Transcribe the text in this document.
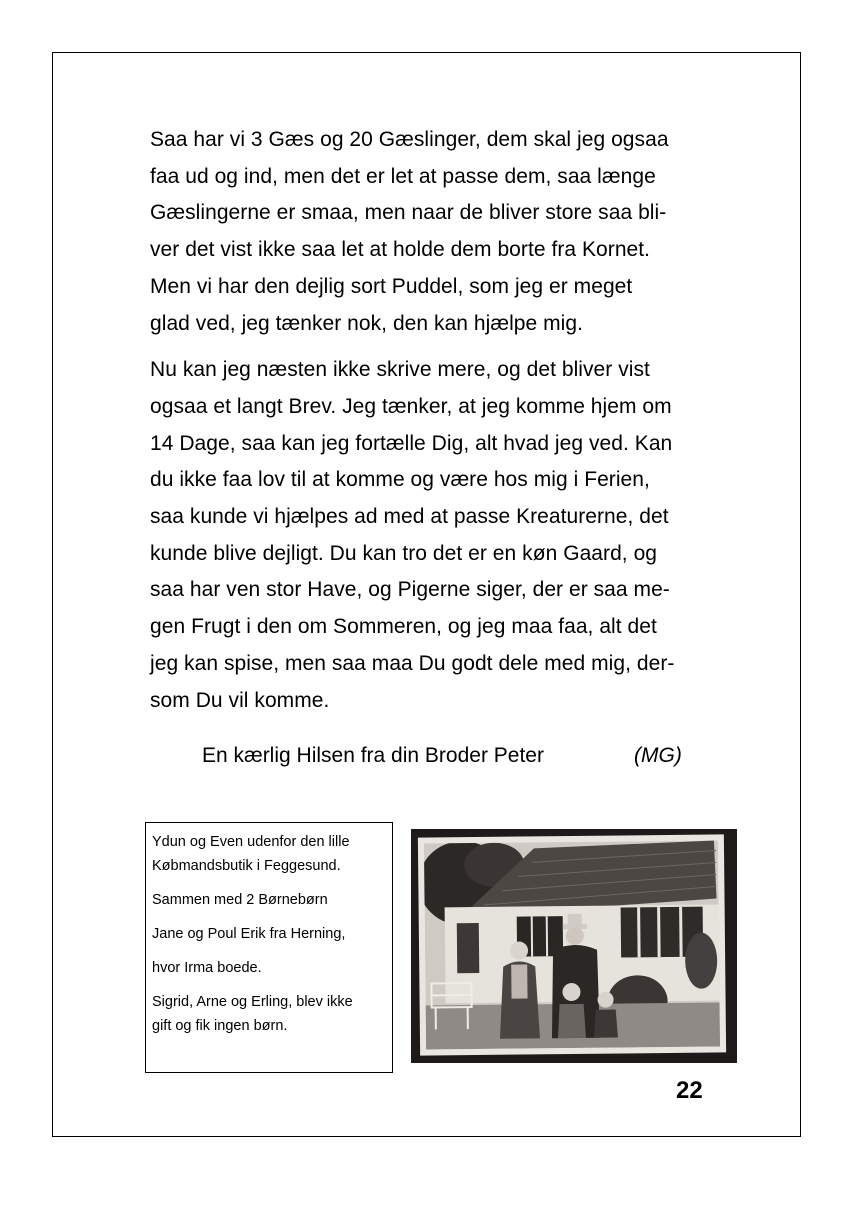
Saa har vi 3 Gæs og 20 Gæslinger, dem skal jeg ogsaa
faa ud og ind, men det er let at passe dem, saa længe
Gæslingerne er smaa, men naar de bliver store saa bli-
ver det vist ikke saa let at holde dem borte fra Kornet.
Men vi har den dejlig sort Puddel, som jeg er meget
glad ved, jeg tænker nok, den kan hjælpe mig.

Nu kan jeg næsten ikke skrive mere, og det bliver vist
ogsaa et langt Brev. Jeg tænker, at jeg komme hjem om
14 Dage, saa kan jeg fortælle Dig, alt hvad jeg ved. Kan
du ikke faa lov til at komme og være hos mig i Ferien,
saa kunde vi hjælpes ad med at passe Kreaturerne, det
kunde blive dejligt. Du kan tro det er en køn Gaard, og
saa har ven stor Have, og Pigerne siger, der er saa me-
gen Frugt i den om Sommeren, og jeg maa faa, alt det
jeg kan spise, men saa maa Du godt dele med mig, der-
som Du vil komme.

En kærlig Hilsen fra din Broder Peter	(MG)

Ydun og Even udenfor den lille
Købmandsbutik i Feggesund.

Sammen med 2 Børnebørn

Jane og Poul Erik fra Herning,

hvor Irma boede.

Sigrid, Arne og Erling, blev ikke
gift og fik ingen børn.

22
